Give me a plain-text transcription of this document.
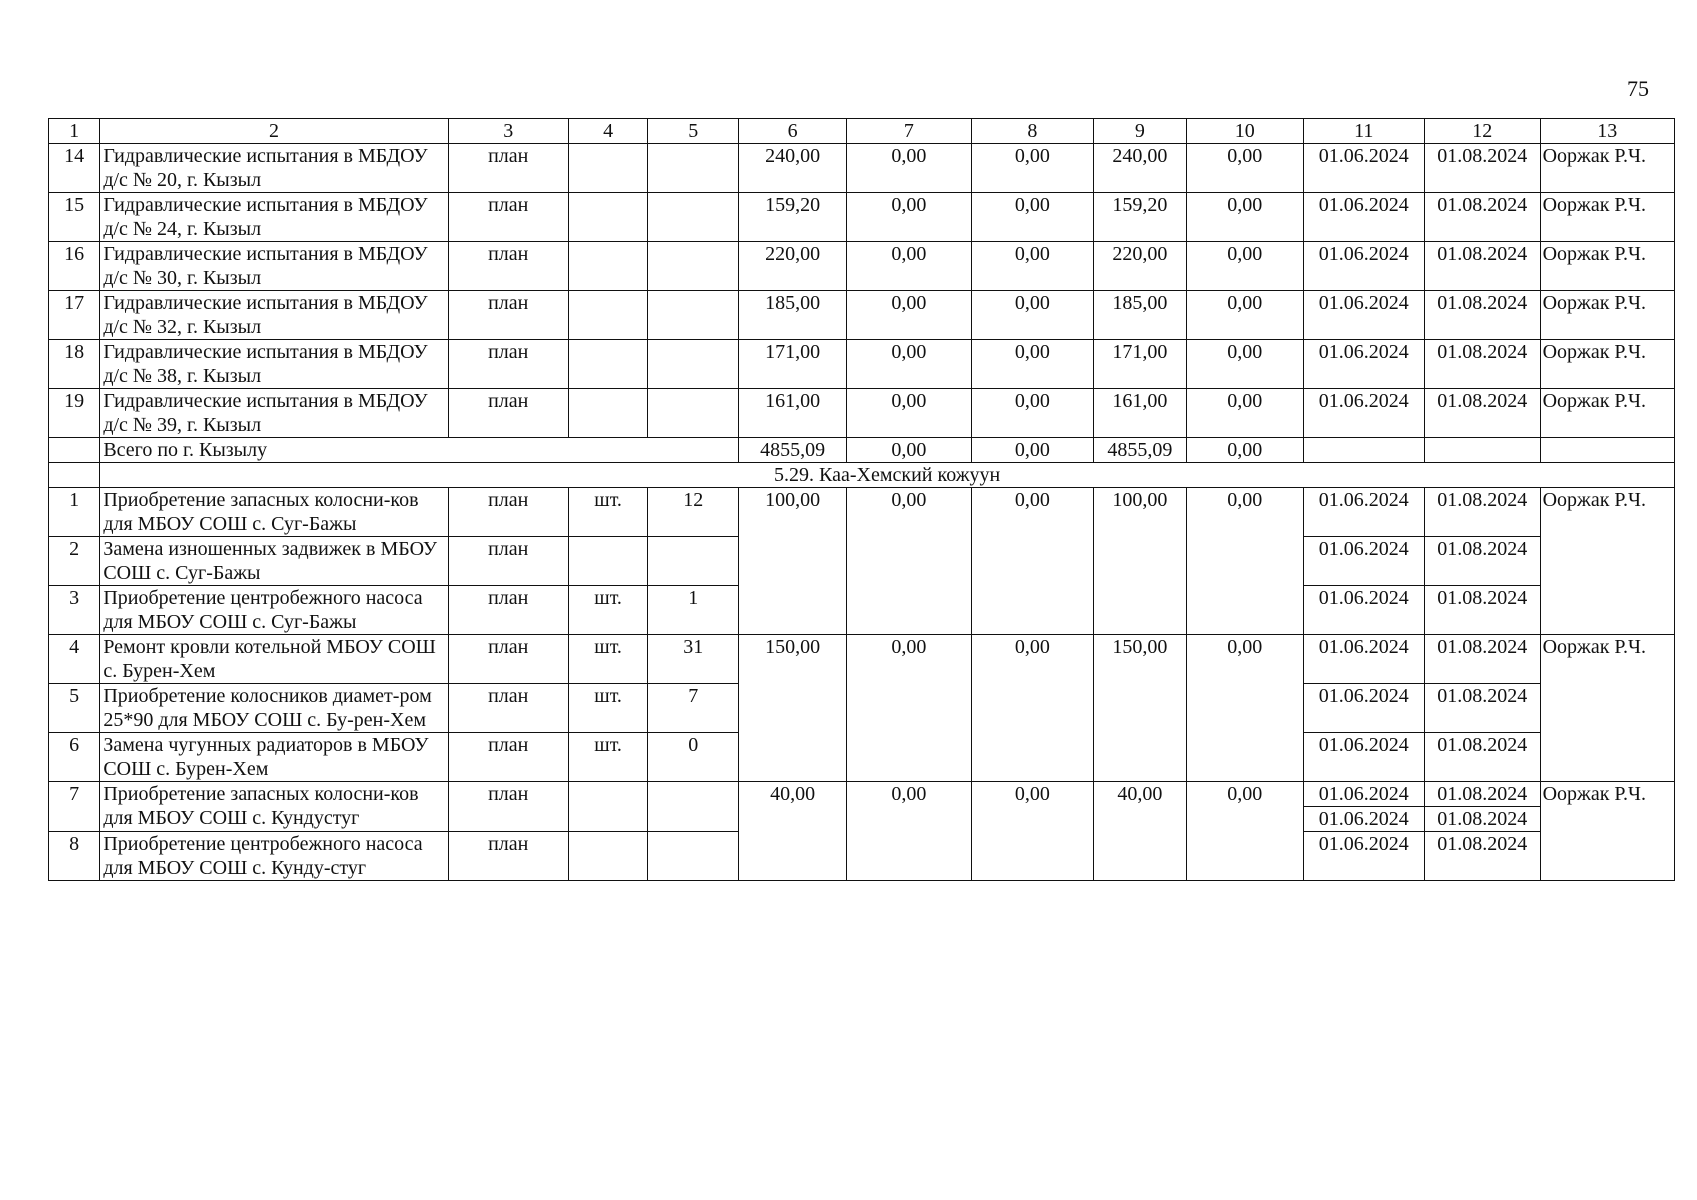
75
1	2	3	4	5	6	7	8	9	10	11	12	13
14	Гидравлические испытания в МБДОУ д/с № 20, г. Кызыл	план			240,00	0,00	0,00	240,00	0,00	01.06.2024	01.08.2024	Ооржак Р.Ч.
15	Гидравлические испытания в МБДОУ д/с № 24, г. Кызыл	план			159,20	0,00	0,00	159,20	0,00	01.06.2024	01.08.2024	Ооржак Р.Ч.
16	Гидравлические испытания в МБДОУ д/с № 30, г. Кызыл	план			220,00	0,00	0,00	220,00	0,00	01.06.2024	01.08.2024	Ооржак Р.Ч.
17	Гидравлические испытания в МБДОУ д/с № 32, г. Кызыл	план			185,00	0,00	0,00	185,00	0,00	01.06.2024	01.08.2024	Ооржак Р.Ч.
18	Гидравлические испытания в МБДОУ д/с № 38, г. Кызыл	план			171,00	0,00	0,00	171,00	0,00	01.06.2024	01.08.2024	Ооржак Р.Ч.
19	Гидравлические испытания в МБДОУ д/с № 39, г. Кызыл	план			161,00	0,00	0,00	161,00	0,00	01.06.2024	01.08.2024	Ооржак Р.Ч.
	Всего по г. Кызылу				4855,09	0,00	0,00	4855,09	0,00			
	5.29. Каа-Хемский кожуун											
1	Приобретение запасных колосни-ков для МБОУ СОШ с. Суг-Бажы	план	шт.	12	100,00	0,00	0,00	100,00	0,00	01.06.2024	01.08.2024	Ооржак Р.Ч.
2	Замена изношенных задвижек в МБОУ СОШ с. Суг-Бажы	план								01.06.2024	01.08.2024	
3	Приобретение центробежного насоса для МБОУ СОШ с. Суг-Бажы	план	шт.	1						01.06.2024	01.08.2024	
4	Ремонт кровли котельной МБОУ СОШ с. Бурен-Хем	план	шт.	31	150,00	0,00	0,00	150,00	0,00	01.06.2024	01.08.2024	Ооржак Р.Ч.
5	Приобретение колосников диамет-ром 25*90 для МБОУ СОШ с. Бу-рен-Хем	план	шт.	7						01.06.2024	01.08.2024	
6	Замена чугунных радиаторов в МБОУ СОШ с. Бурен-Хем	план	шт.	0						01.06.2024	01.08.2024	
7	Приобретение запасных колосни-ков для МБОУ СОШ с. Кундустуг	план			40,00	0,00	0,00	40,00	0,00	01.06.2024	01.08.2024	Ооржак Р.Ч.
										01.06.2024	01.08.2024	
8	Приобретение центробежного насоса для МБОУ СОШ с. Кунду-стуг	план								01.06.2024	01.08.2024	
